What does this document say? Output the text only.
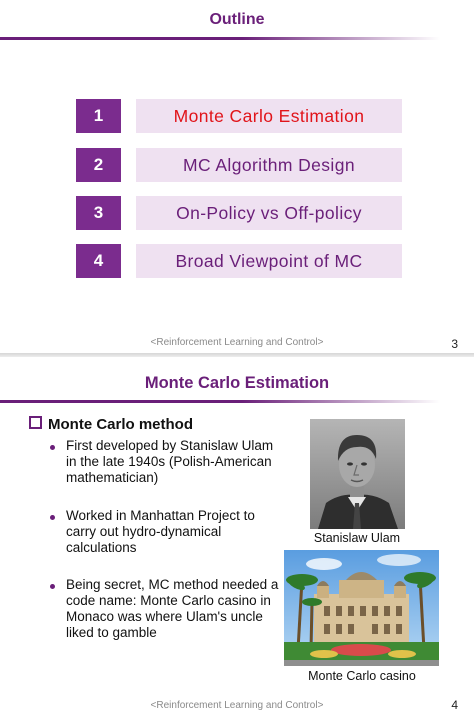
Outline
1	Monte Carlo Estimation
2	MC Algorithm Design
3	On-Policy vs Off-policy
4	Broad Viewpoint of MC
<Reinforcement Learning and Control>	3
Monte Carlo Estimation
Monte Carlo method
First developed by Stanislaw Ulam in the late 1940s (Polish-American mathematician)
Worked in Manhattan Project to carry out hydro-dynamical calculations
Being secret, MC method needed a code name: Monte Carlo casino in Monaco was where Ulam's uncle liked to gamble
Stanislaw Ulam
Monte Carlo casino
<Reinforcement Learning and Control>	4
